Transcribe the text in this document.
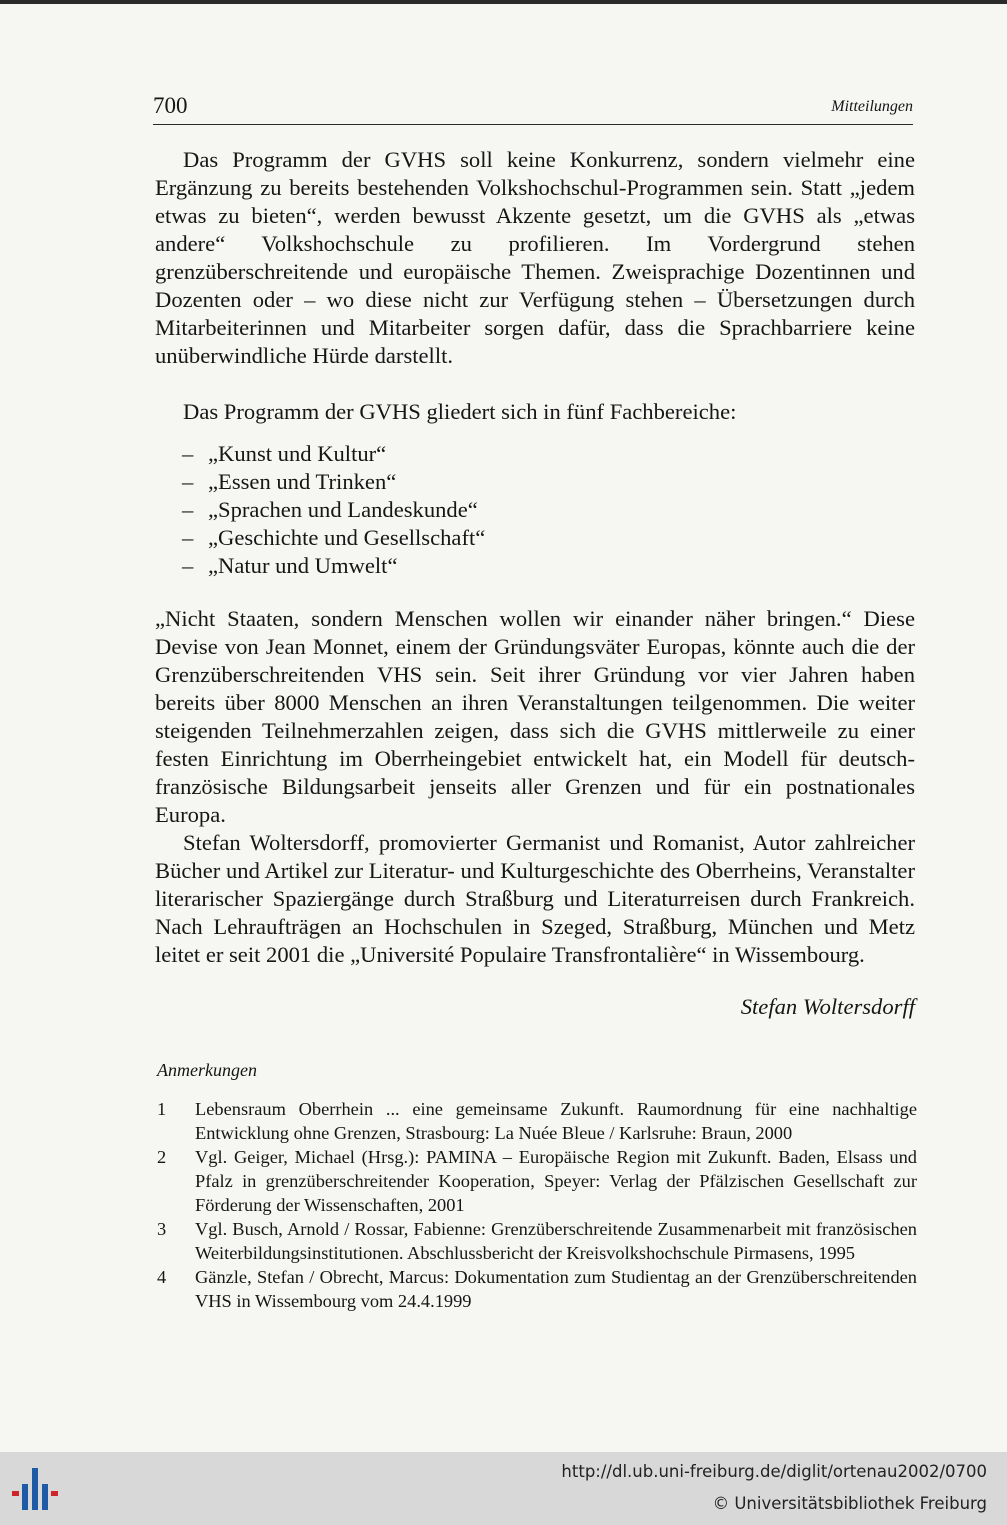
700	Mitteilungen

Das Programm der GVHS soll keine Konkurrenz, sondern vielmehr eine Ergänzung zu bereits bestehenden Volkshochschul-Programmen sein. Statt „jedem etwas zu bieten“, werden bewusst Akzente gesetzt, um die GVHS als „etwas andere“ Volkshochschule zu profilieren. Im Vordergrund stehen grenzüberschreitende und europäische Themen. Zweisprachige Dozentinnen und Dozenten oder – wo diese nicht zur Verfügung stehen – Übersetzungen durch Mitarbeiterinnen und Mitarbeiter sorgen dafür, dass die Sprachbarriere keine unüberwindliche Hürde darstellt.

Das Programm der GVHS gliedert sich in fünf Fachbereiche:

– „Kunst und Kultur“
– „Essen und Trinken“
– „Sprachen und Landeskunde“
– „Geschichte und Gesellschaft“
– „Natur und Umwelt“

„Nicht Staaten, sondern Menschen wollen wir einander näher bringen.“ Diese Devise von Jean Monnet, einem der Gründungsväter Europas, könnte auch die der Grenzüberschreitenden VHS sein. Seit ihrer Gründung vor vier Jahren haben bereits über 8000 Menschen an ihren Veranstaltungen teilgenommen. Die weiter steigenden Teilnehmerzahlen zeigen, dass sich die GVHS mittlerweile zu einer festen Einrichtung im Oberrheingebiet entwickelt hat, ein Modell für deutsch-französische Bildungsarbeit jenseits aller Grenzen und für ein postnationales Europa.

Stefan Woltersdorff, promovierter Germanist und Romanist, Autor zahlreicher Bücher und Artikel zur Literatur- und Kulturgeschichte des Oberrheins, Veranstalter literarischer Spaziergänge durch Straßburg und Literaturreisen durch Frankreich. Nach Lehraufträgen an Hochschulen in Szeged, Straßburg, München und Metz leitet er seit 2001 die „Université Populaire Transfrontalière“ in Wissembourg.

Stefan Woltersdorff
Anmerkungen

1 Lebensraum Oberrhein ... eine gemeinsame Zukunft. Raumordnung für eine nachhaltige Entwicklung ohne Grenzen, Strasbourg: La Nuée Bleue / Karlsruhe: Braun, 2000

2 Vgl. Geiger, Michael (Hrsg.): PAMINA – Europäische Region mit Zukunft. Baden, Elsass und Pfalz in grenzüberschreitender Kooperation, Speyer: Verlag der Pfälzischen Gesellschaft zur Förderung der Wissenschaften, 2001

3 Vgl. Busch, Arnold / Rossar, Fabienne: Grenzüberschreitende Zusammenarbeit mit französischen Weiterbildungsinstitutionen. Abschlussbericht der Kreisvolkshochschule Pirmasens, 1995

4 Gänzle, Stefan / Obrecht, Marcus: Dokumentation zum Studientag an der Grenzüberschreitenden VHS in Wissembourg vom 24.4.1999

http://dl.ub.uni-freiburg.de/diglit/ortenau2002/0700
© Universitätsbibliothek Freiburg
